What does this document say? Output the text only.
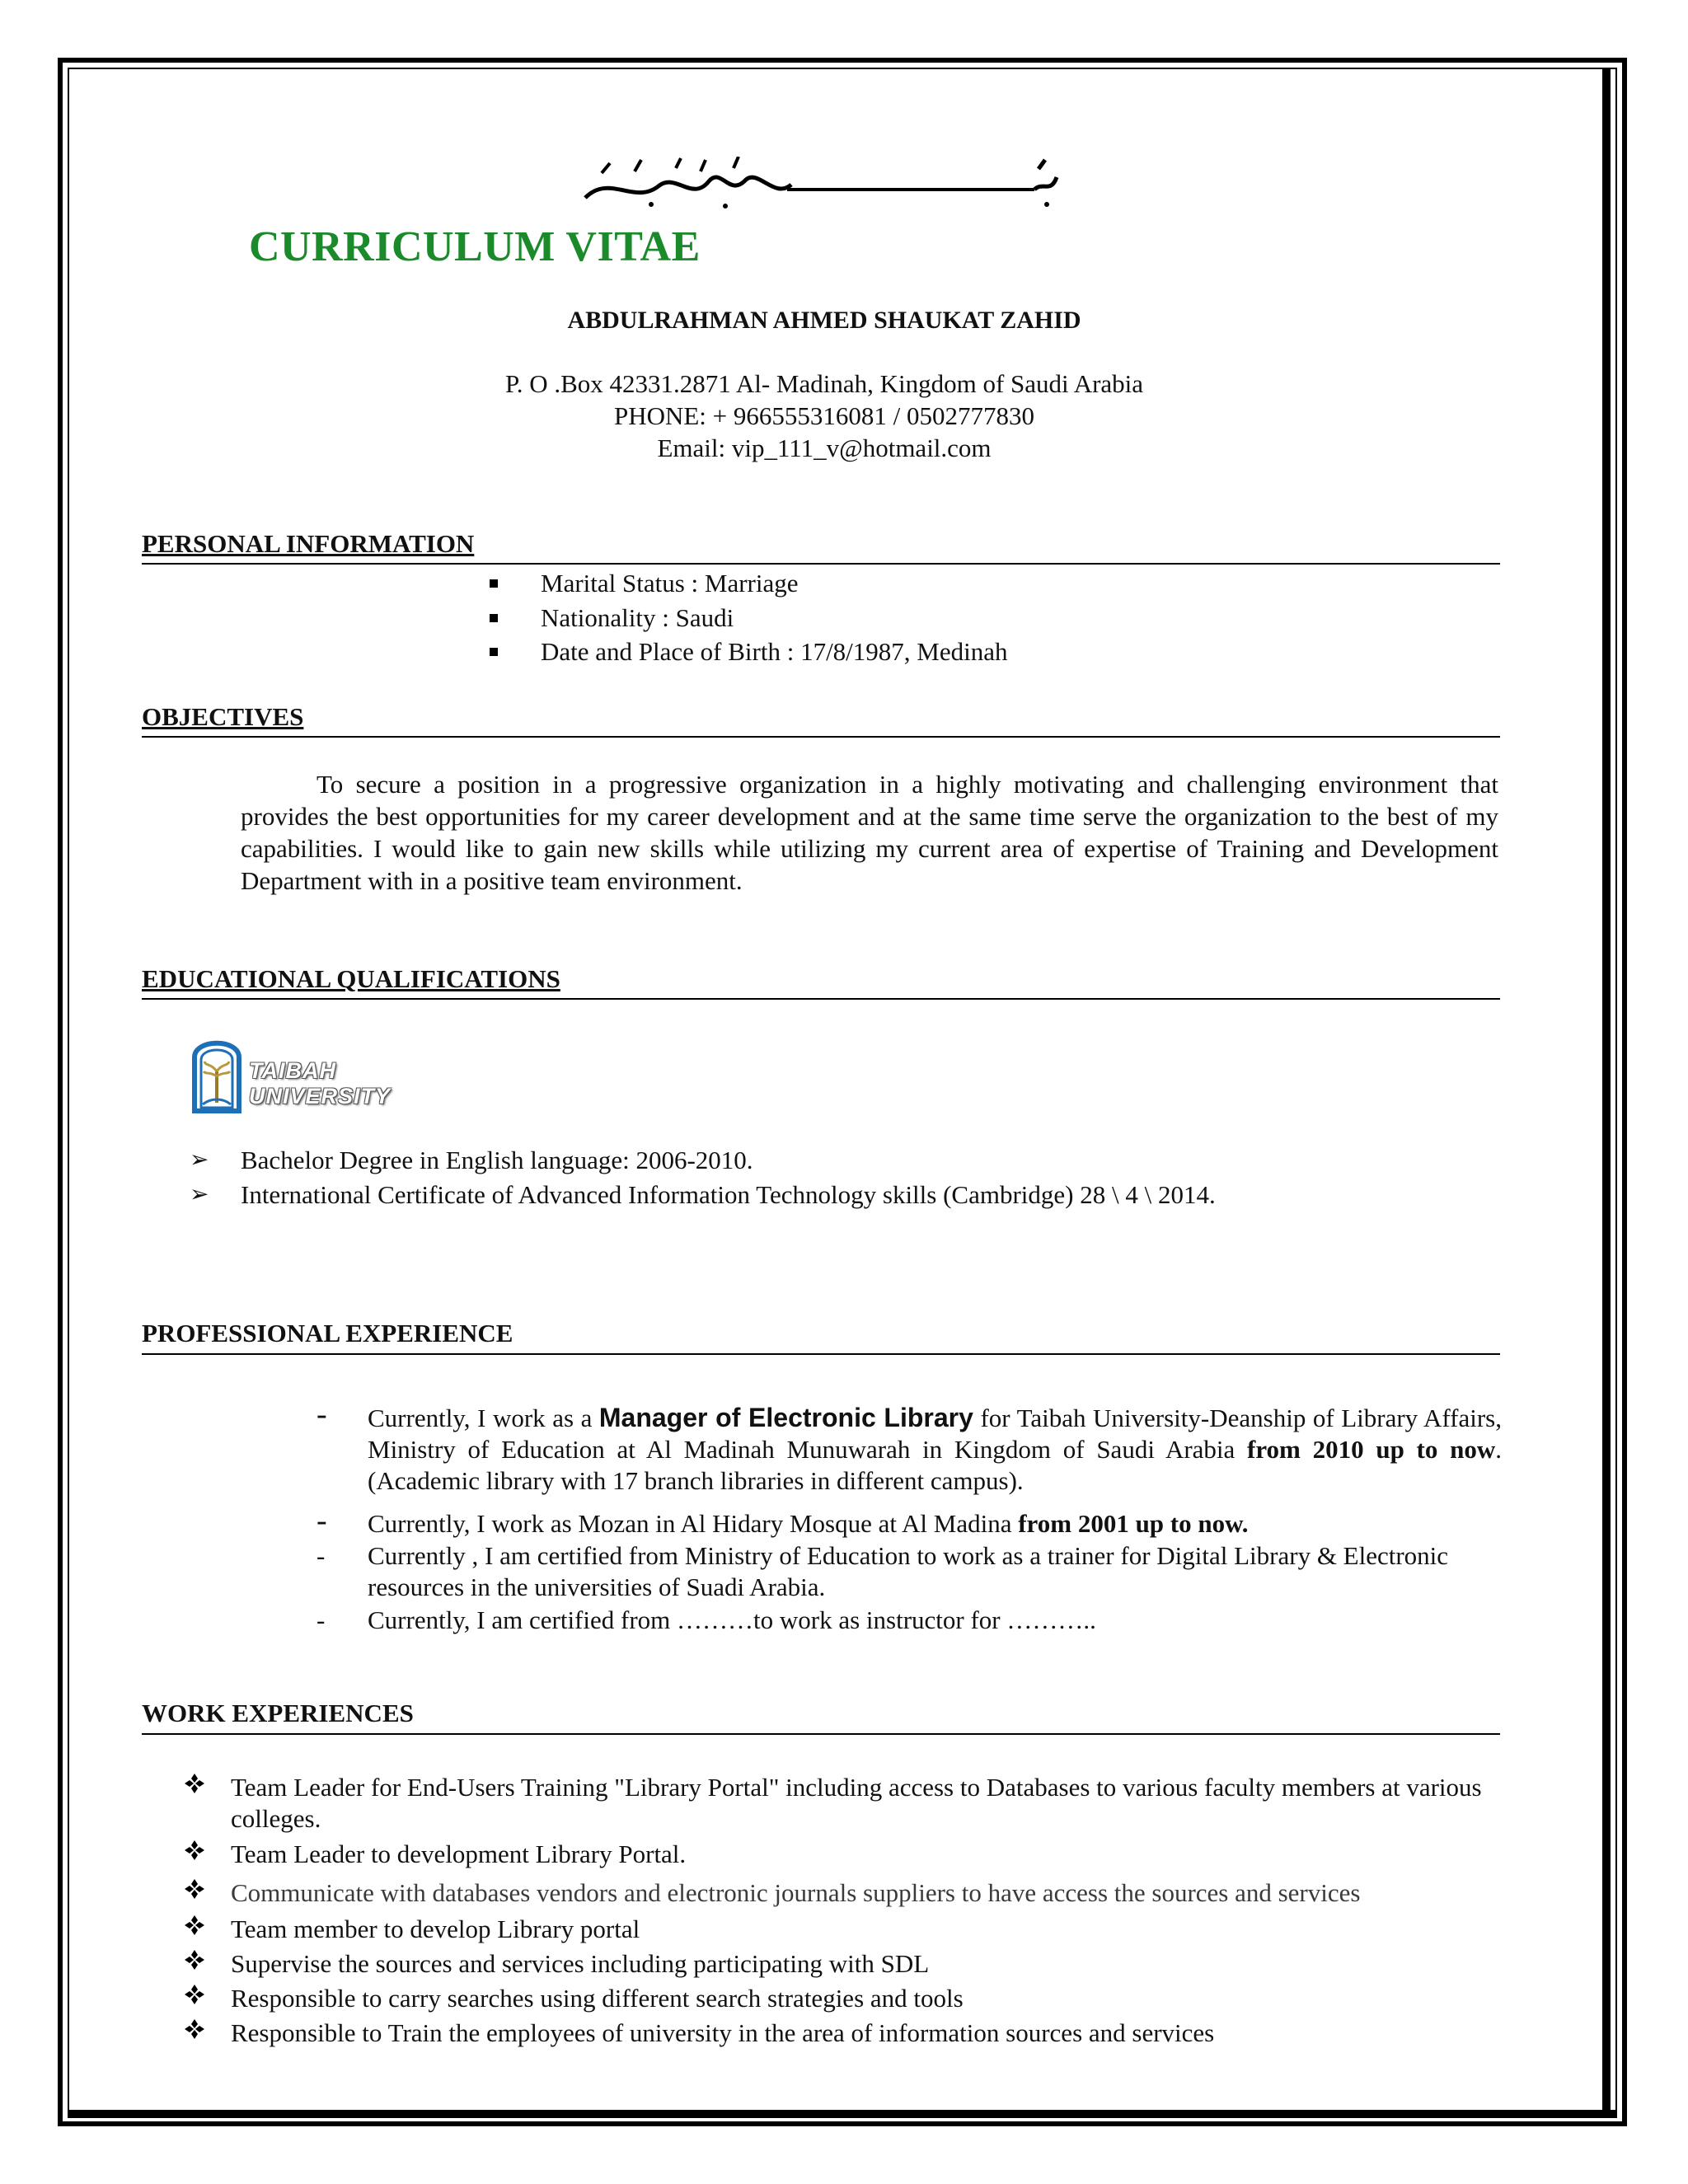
CURRICULUM VITAE
ABDULRAHMAN AHMED SHAUKAT ZAHID
P. O .Box 42331.2871 Al- Madinah, Kingdom of Saudi Arabia
PHONE: + 966555316081 / 0502777830
Email: vip_111_v@hotmail.com
PERSONAL INFORMATION
Marital Status : Marriage
Nationality : Saudi
Date and Place of Birth : 17/8/1987, Medinah
OBJECTIVES
To secure a position in a progressive organization in a highly motivating and challenging environment that provides the best opportunities for my career development and at the same time serve the organization to the best of my capabilities. I would like to gain new skills while utilizing my current area of expertise of Training and Development Department with in a positive team environment.
EDUCATIONAL QUALIFICATIONS
TAIBAH UNIVERSITY
➢ Bachelor Degree in English language: 2006-2010.
➢ International Certificate of Advanced Information Technology skills (Cambridge) 28 \ 4 \ 2014.
PROFESSIONAL EXPERIENCE
- Currently, I work as a Manager of Electronic Library for Taibah University-Deanship of Library Affairs, Ministry of Education at Al Madinah Munuwarah in Kingdom of Saudi Arabia from 2010 up to now. (Academic library with 17 branch libraries in different campus).
- Currently, I work as Mozan in Al Hidary Mosque at Al Madina from 2001 up to now.
- Currently , I am certified from Ministry of Education to work as a trainer for Digital Library & Electronic resources in the universities of Suadi Arabia.
- Currently, I am certified from ………to work as instructor for ………..
WORK EXPERIENCES
Team Leader for End-Users Training "Library Portal" including access to Databases to various faculty members at various colleges.
Team Leader to development Library Portal.
Communicate with databases vendors and electronic journals suppliers to have access the sources and services
Team member to develop Library portal
Supervise the sources and services including participating with SDL
Responsible to carry searches using different search strategies and tools
Responsible to Train the employees of university in the area of information sources and services
